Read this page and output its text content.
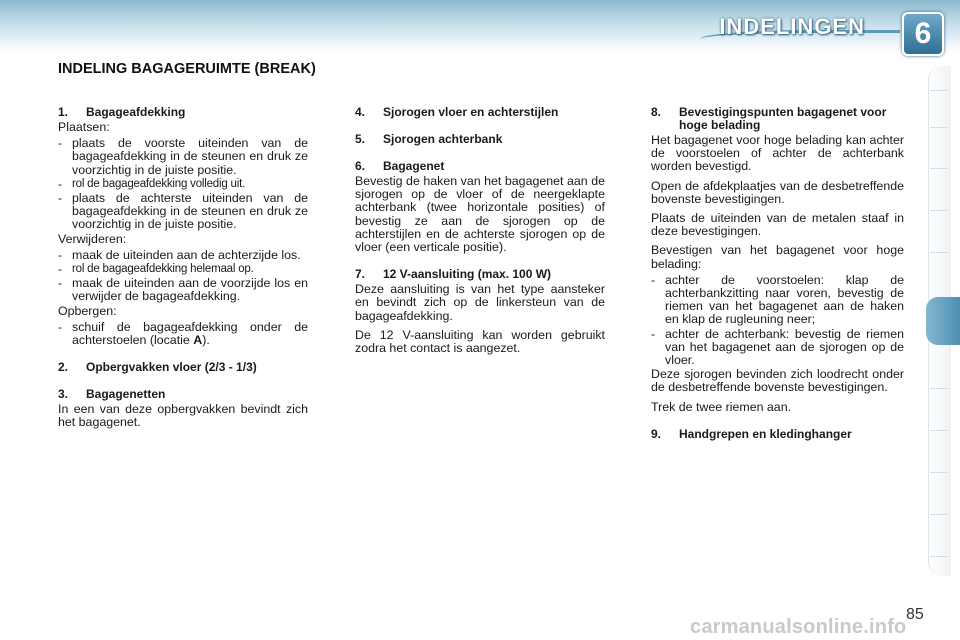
INDELINGEN	6
INDELING BAGAGERUIMTE (BREAK)
1.	Bagageafdekking

Plaatsen:

- plaats de voorste uiteinden van de bagageafdekking in de steunen en druk ze voorzichtig in de juiste positie.
- rol de bagageafdekking volledig uit.
- plaats de achterste uiteinden van de bagageafdekking in de steunen en druk ze voorzichtig in de juiste positie.

Verwijderen:

- maak de uiteinden aan de achterzijde los.
- rol de bagageafdekking helemaal op.
- maak de uiteinden aan de voorzijde los en verwijder de bagageafdekking.

Opbergen:

- schuif de bagageafdekking onder de achterstoelen (locatie A).
2.	Opbergvakken vloer (2/3 - 1/3)
3.	Bagagenetten

In een van deze opbergvakken bevindt zich het bagagenet.

4.	Sjorogen vloer en achterstijlen
5.	Sjorogen achterbank
6.	Bagagenet

Bevestig de haken van het bagagenet aan de sjorogen op de vloer of de neergeklapte achterbank (twee horizontale posities) of bevestig ze aan de sjorogen op de achterstijlen en de achterste sjorogen op de vloer (een verticale positie).

7.	12 V-aansluiting (max. 100 W)

Deze aansluiting is van het type aansteker en bevindt zich op de linkersteun van de bagageafdekking.

De 12 V-aansluiting kan worden gebruikt zodra het contact is aangezet.

8.	Bevestigingspunten bagagenet voor hoge belading

Het bagagenet voor hoge belading kan achter de voorstoelen of achter de achterbank worden bevestigd.

Open de afdekplaatjes van de desbetreffende bovenste bevestigingen.

Plaats de uiteinden van de metalen staaf in deze bevestigingen.

Bevestigen van het bagagenet voor hoge belading:

- achter de voorstoelen: klap de achterbankzitting naar voren, bevestig de riemen van het bagagenet aan de haken en klap de rugleuning neer;
- achter de achterbank: bevestig de riemen van het bagagenet aan de sjorogen op de vloer.

Deze sjorogen bevinden zich loodrecht onder de desbetreffende bovenste bevestigingen.

Trek de twee riemen aan.

9.	Handgrepen en kledinghanger
85
carmanualsonline.info
